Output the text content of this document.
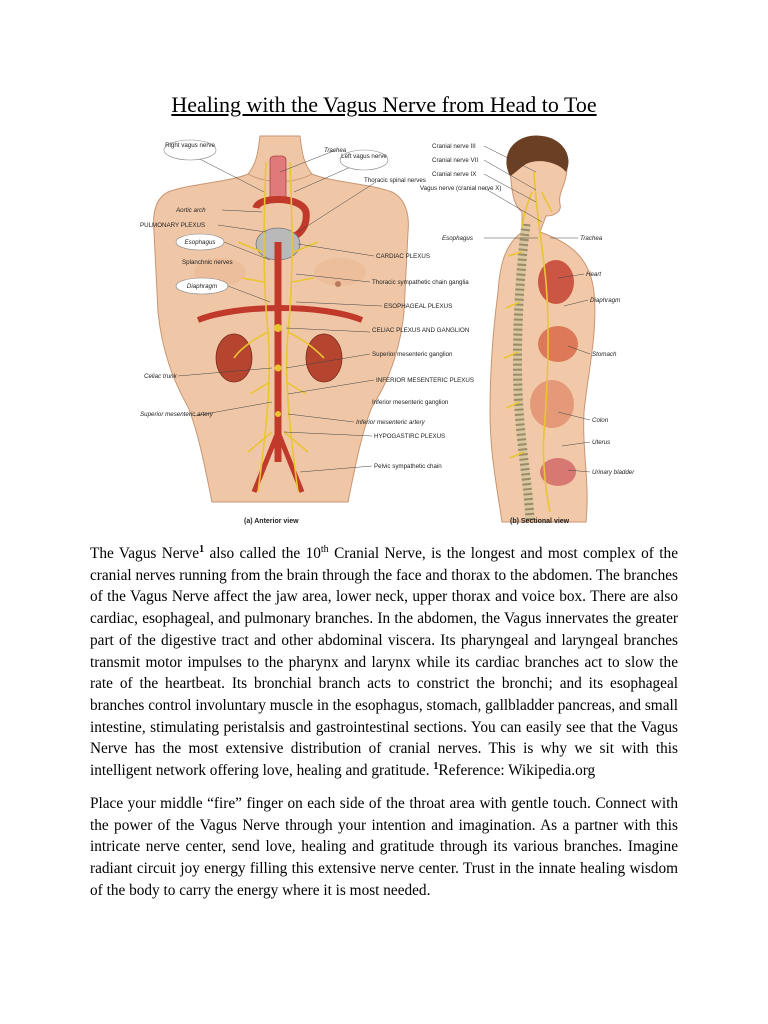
Healing with the Vagus Nerve from Head to Toe
Right vagus nerve
Trachea
Left vagus nerve
Thoracic spinal nerves
Aortic arch
PULMONARY PLEXUS
Esophagus
Splanchnic nerves
Diaphragm
CARDIAC PLEXUS
Thoracic sympathetic chain ganglia
ESOPHAGEAL PLEXUS
CELIAC PLEXUS AND GANGLION
Superior mesenteric ganglion
Celiac trunk
INFERIOR MESENTERIC PLEXUS
Inferior mesenteric ganglion
Superior mesenteric artery
Inferior mesenteric artery
HYPOGASTIRC PLEXUS
Pelvic sympathetic chain
Cranial nerve III
Cranial nerve VII
Cranial nerve IX
Vagus nerve (cranial nerve X)
Esophagus	Trachea
Heart
Diaphragm
Stomach
Colon
Uterus
Urinary bladder
(a) Anterior view	(b) Sectional view

The Vagus Nerve$^1$ also called the 10th Cranial Nerve, is the longest and most complex of the cranial nerves running from the brain through the face and thorax to the abdomen. The branches of the Vagus Nerve affect the jaw area, lower neck, upper thorax and voice box. There are also cardiac, esophageal, and pulmonary branches. In the abdomen, the Vagus innervates the greater part of the digestive tract and other abdominal viscera. Its pharyngeal and laryngeal branches transmit motor impulses to the pharynx and larynx while its cardiac branches act to slow the rate of the heartbeat. Its bronchial branch acts to constrict the bronchi; and its esophageal branches control involuntary muscle in the esophagus, stomach, gallbladder pancreas, and small intestine, stimulating peristalsis and gastrointestinal sections. You can easily see that the Vagus Nerve has the most extensive distribution of cranial nerves. This is why we sit with this intelligent network offering love, healing and gratitude. $^1$Reference: Wikipedia.org

Place your middle “fire” finger on each side of the throat area with gentle touch. Connect with the power of the Vagus Nerve through your intention and imagination. As a partner with this intricate nerve center, send love, healing and gratitude through its various branches. Imagine radiant circuit joy energy filling this extensive nerve center. Trust in the innate healing wisdom of the body to carry the energy where it is most needed.
